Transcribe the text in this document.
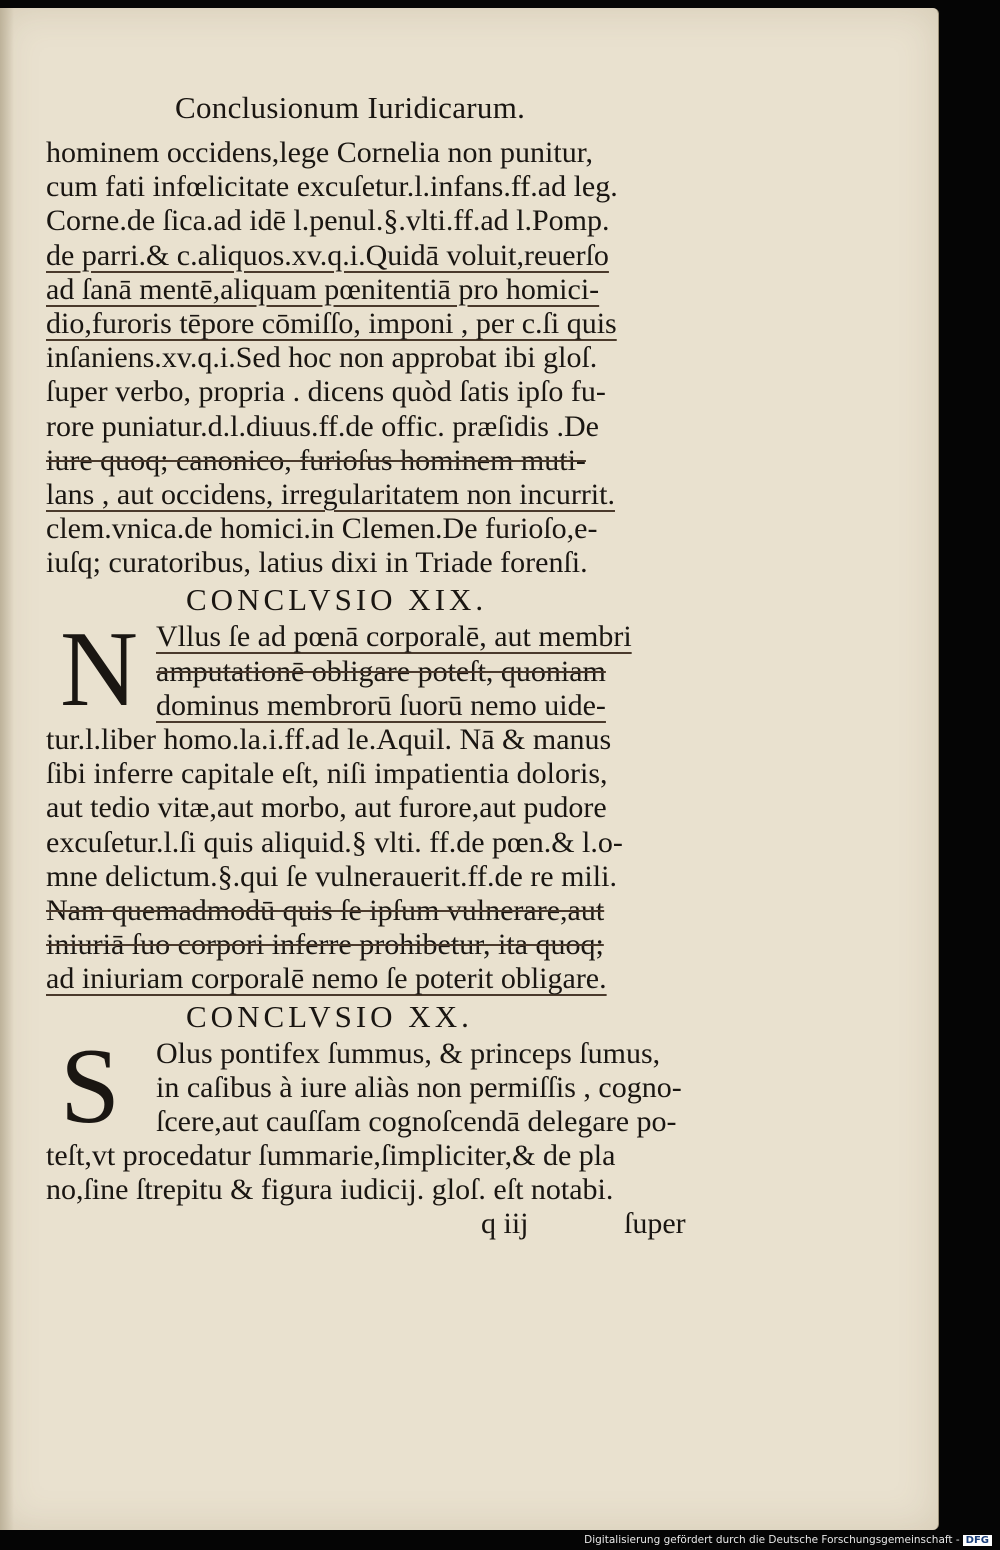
Conclusionum Iuridicarum.
hominem occidens,lege Cornelia non punitur,
cum fati infœlicitate excuſetur.l.infans.ff.ad leg.
Corne.de ſica.ad idē l.penul.§.vlti.ff.ad l.Pomp.
de parri.& c.aliquos.xv.q.i.Quidā voluit,reuerſo
ad ſanā mentē,aliquam pœnitentiā pro homici-
dio,furoris tēpore cōmiſſo, imponi , per c.ſi quis
inſaniens.xv.q.i.Sed hoc non approbat ibi gloſ.
ſuper verbo, propria . dicens quòd ſatis ipſo fu-
rore puniatur.d.l.diuus.ff.de offic. præſidis .De
iure quoq; canonico, furioſus hominem muti-
lans , aut occidens, irregularitatem non incurrit.
clem.vnica.de homici.in Clemen.De furioſo,e-
iuſq; curatoribus, latius dixi in Triade forenſi.
CONCLVSIO XIX.
N Vllus ſe ad pœnā corporalē, aut membri
amputationē obligare poteſt, quoniam
dominus membrorū ſuorū nemo uide-
tur.l.liber homo.la.i.ff.ad le.Aquil. Nā & manus
ſibi inferre capitale eſt, niſi impatientia doloris,
aut tedio vitæ,aut morbo, aut furore,aut pudore
excuſetur.l.ſi quis aliquid.§ vlti. ff.de pœn.& l.o-
mne delictum.§.qui ſe vulnerauerit.ff.de re mili.
Nam quemadmodū quis ſe ipſum vulnerare,aut
iniuriā ſuo corpori inferre prohibetur, ita quoq;
ad iniuriam corporalē nemo ſe poterit obligare.
CONCLVSIO XX.
S	Olus pontifex ſummus, & princeps ſumus,
in caſibus à iure aliàs non permiſſis , cogno-
ſcere,aut cauſſam cognoſcendā delegare po-
teſt,vt procedatur ſummarie,ſimpliciter,& de pla
no,ſine ſtrepitu & figura iudicij. gloſ. eſt notabi.
q iij	ſuper
Digitalisierung gefördert durch die Deutsche Forschungsgemeinschaft - DFG
